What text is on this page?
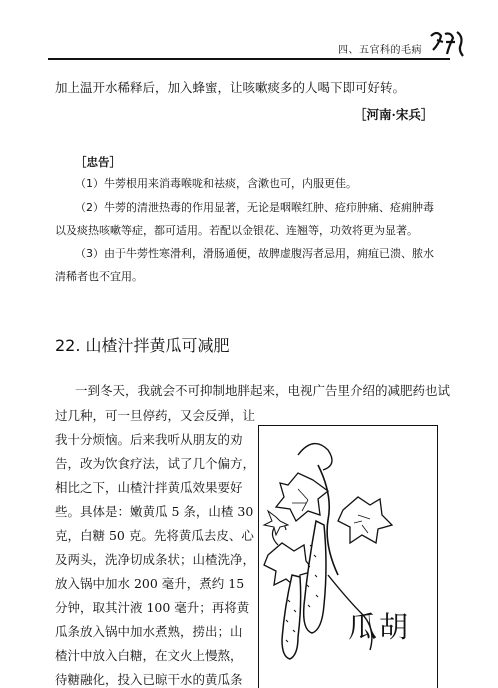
四、五官科的毛病
加上温开水稀释后，加入蜂蜜，让咳嗽痰多的人喝下即可好转。
［河南·宋兵］
［忠告］
（1）牛蒡根用来消毒喉咙和祛痰，含漱也可，内服更佳。
（2）牛蒡的清泄热毒的作用显著，无论是咽喉红肿、疮疖肿痛、疮痈肿毒
以及痰热咳嗽等症，都可适用。若配以金银花、连翘等，功效将更为显著。
（3）由于牛蒡性寒滑利，滑肠通便，故脾虚腹泻者忌用，痈疽已溃、脓水
清稀者也不宜用。
22. 山楂汁拌黄瓜可减肥
一到冬天，我就会不可抑制地胖起来，电视广告里介绍的减肥药也试
过几种，可一旦停药，又会反弹，让
我十分烦恼。后来我听从朋友的劝
告，改为饮食疗法，试了几个偏方，
相比之下，山楂汁拌黄瓜效果要好
些。具体是：嫩黄瓜 5 条，山楂 30
克，白糖 50 克。先将黄瓜去皮、心
及两头，洗净切成条状；山楂洗净，
放入锅中加水 200 毫升，煮约 15
分钟，取其汁液 100 毫升；再将黄
瓜条放入锅中加水煮熟，捞出；山
楂汁中放入白糖，在文火上慢熬，
待糖融化，投入已晾干水的黄瓜条
瓜胡
